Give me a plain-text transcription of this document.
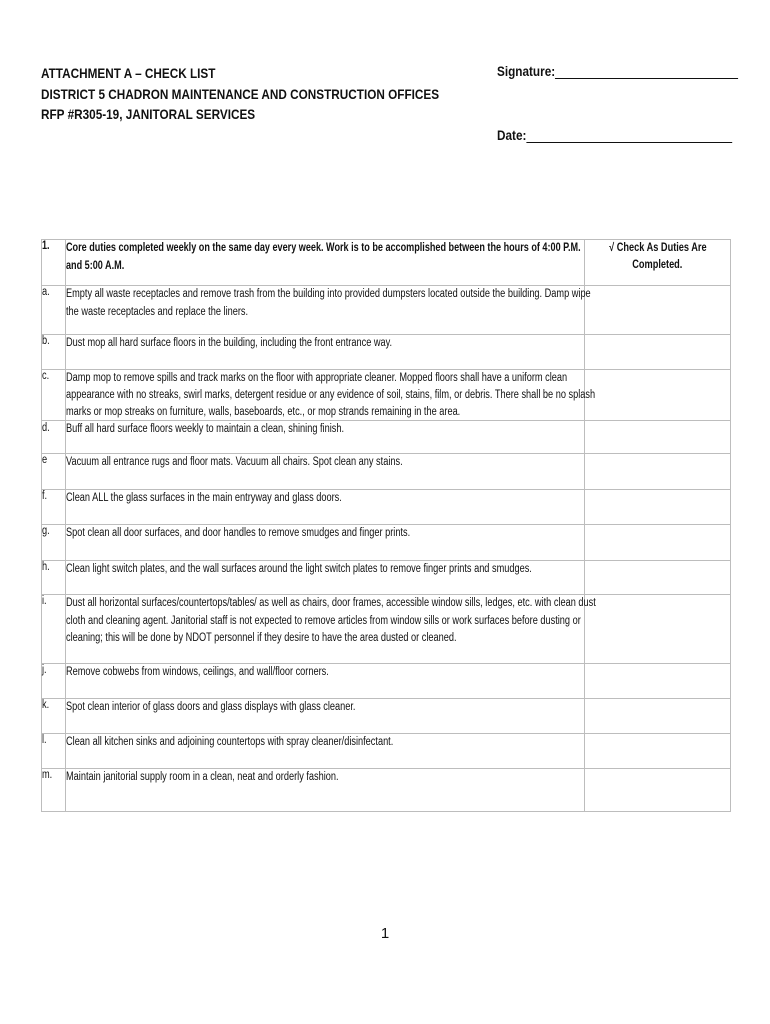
ATTACHMENT A – CHECK LIST
DISTRICT 5 CHADRON MAINTENANCE AND CONSTRUCTION OFFICES
RFP #R305-19, JANITORAL SERVICES
Signature:
Date:
1.	Core duties completed weekly on the same day every week. Work is to be accomplished between the hours of 4:00 P.M.
and 5:00 A.M.	√ Check As Duties Are
Completed.

a.	Empty all waste receptacles and remove trash from the building into provided dumpsters located outside the building. Damp wipe
the waste receptacles and replace the liners.	

b.	Dust mop all hard surface floors in the building, including the front entrance way.	

c.	Damp mop to remove spills and track marks on the floor with appropriate cleaner. Mopped floors shall have a uniform clean
appearance with no streaks, swirl marks, detergent residue or any evidence of soil, stains, film, or debris. There shall be no splash
marks or mop streaks on furniture, walls, baseboards, etc., or mop strands remaining in the area.	

d.	Buff all hard surface floors weekly to maintain a clean, shining finish.	

e	Vacuum all entrance rugs and floor mats. Vacuum all chairs. Spot clean any stains.	

f.	Clean ALL the glass surfaces in the main entryway and glass doors.	

g.	Spot clean all door surfaces, and door handles to remove smudges and finger prints.	

h.	Clean light switch plates, and the wall surfaces around the light switch plates to remove finger prints and smudges.	

i.	Dust all horizontal surfaces/countertops/tables/ as well as chairs, door frames, accessible window sills, ledges, etc. with clean dust
cloth and cleaning agent. Janitorial staff is not expected to remove articles from window sills or work surfaces before dusting or
cleaning; this will be done by NDOT personnel if they desire to have the area dusted or cleaned.	

j.	Remove cobwebs from windows, ceilings, and wall/floor corners.	

k.	Spot clean interior of glass doors and glass displays with glass cleaner.	

l.	Clean all kitchen sinks and adjoining countertops with spray cleaner/disinfectant.	

m.	Maintain janitorial supply room in a clean, neat and orderly fashion.	

1
